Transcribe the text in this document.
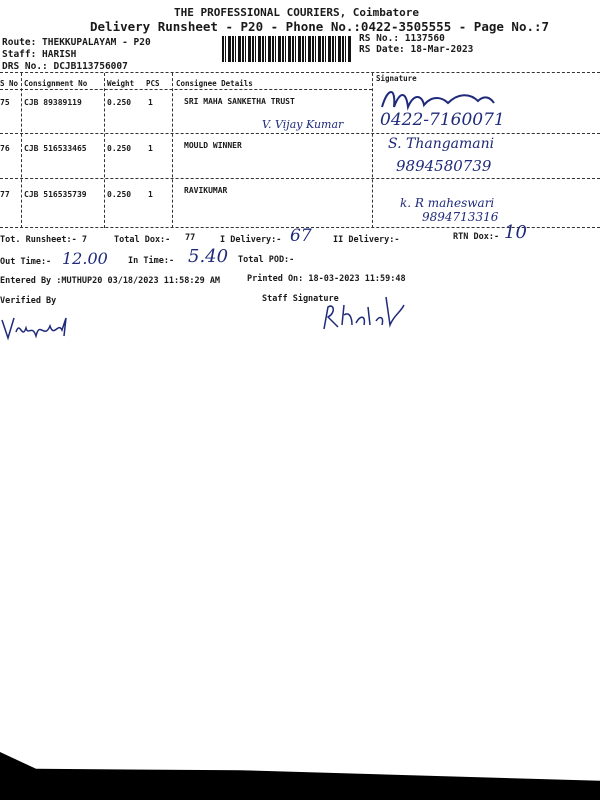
THE PROFESSIONAL COURIERS, Coimbatore
Delivery Runsheet - P20 - Phone No.:0422-3505555 - Page No.:7
Route: THEKKUPALAYAM - P20
Staff: HARISH
DRS No.: DCJB113756007
RS No.: 1137560
RS Date: 18-Mar-2023
S No Consignment No	Weight PCS Consignee Details
Signature
75 CJB 89389119	0.250 1	SRI MAHA SANKETHA TRUST
V. Vijay Kumar 0422-7160071
76 CJB 516533465	0.250 1	MOULD WINNER	S. Thangamani
9894580739
77 CJB 516535739	0.250 1	RAVIKUMAR
k. R maheswari
9894713316
Tot. Runsheet:- 7	Total Dox:- 77	I Delivery:- 67	II Delivery:-	RTN Dox:- 10
Out Time:- 12.00 In Time:- 5.40 Total POD:-
Entered By :MUTHUP20 03/18/2023 11:58:29 AM	Printed On: 18-03-2023 11:59:48
Verified By	Staff Signature
